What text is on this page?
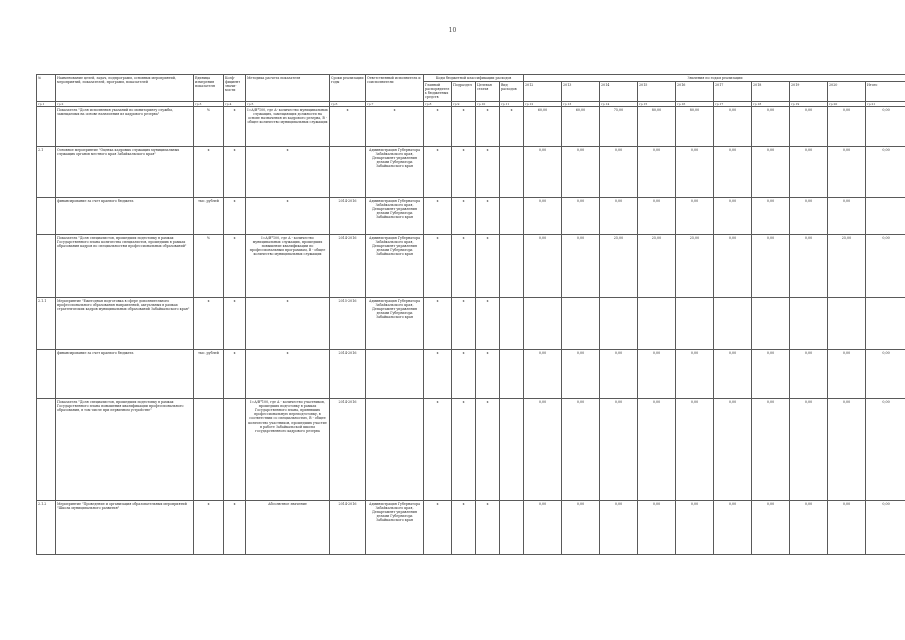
10
№	Наименование целей, задач, подпрограмм, основных мероприятий, мероприятий, показателей, программ, показателей	Единица измерения показателя	Коэф-фициент значи-мости	Методика расчета показателя	Сроки реализации годы	Ответственный исполнитель и соисполнители	Коды бюджетной классификации расходов				Значения по годам реализации									
							Главный распорядитель бюджетных средств	Подраздел	Целевая статья	Вид расходов	2012	2013	2014	2015	2016	2017	2018	2019	2020	Итого
гр.1	гр.2	гр.3	гр.4	гр.5	гр.6	гр.7	гр.8	гр.9	гр.10	гр.11	гр.12	гр.13	гр.14	гр.15	гр.16	гр.17	гр.18	гр.19	гр.20	гр.21
	Показатель "Доля исполнения указаний по мониторингу службы, замещаемых на основе назначения из кадрового резерва"	%	х	I=А/В*100, где А- количество муниципальных служащих, замещающих должности на основе назначения из кадрового резерва, В - общее количество муниципальных служащих	х	х	х	х	х	х	60,00	60,00	75,00	80,00	80,00	0,00	0,00	0,00	0,00	0,00
2.1	Основное мероприятие "Оценка кадровых служащих муниципальных служащих органов местного края Забайкальского края"	х	х	х		Администрация Губернатора Забайкальского края, Департамент управления делами Губернатора Забайкальского края	х	х	х		0,00	0,00	0,00	0,00	0,00	0,00	0,00	0,00	0,00	0,00
	финансирование за счет краевого бюджета	тыс. рублей	х	х	2014-2016	Администрация Губернатора Забайкальского края, Департамент управления делами Губернатора Забайкальского края	х	х	х		0,00	0,00	0,00	0,00	0,00	0,00	0,00	0,00	0,00	
	Показатель "Доля специалистов, прошедших подготовку в рамках Государственного плана количества специалистов, прошедших в рамках образования кадров по специальностям профессиональных образований"	%	х	I=А/В*100, где А - количество муниципальных служащих, прошедших повышение квалификации по профессиональным программам, В - общее количество муниципальных служащих	2014-2016	Администрация Губернатора Забайкальского края, Департамент управления делами Губернатора Забайкальского края	х	х	х		0,00	0,00	25,00	25,00	25,00	0,00	0,00	0,00	25,00	0,00
2.1.1	Мероприятие "Ежегодная подготовка в сфере дополнительного профессионального образования направлений, актуальных в рамках стратегических кадров муниципальных образований Забайкальского края"	х	х	х	2015-2016	Администрация Губернатора Забайкальского края, Департамент управления делами Губернатора Забайкальского края	х	х	х											
	финансирование за счет краевого бюджета	тыс. рублей	х	х	2014-2016		х	х	х		0,00	0,00	0,00	0,00	0,00	0,00	0,00	0,00	0,00	0,00
	Показатель "Доля специалистов, прошедших подготовку в рамках Государственного плана повышения квалификации профессионального образования, в том числе при первичном устройстве"			I=А/В*100, где А - количество участников, прошедших подготовку в рамках Государственного плана, принявших профессиональную переподготовку, в соответствии со специальностью, В - общее количество участников, прошедших участие в работе Забайкальской школы государственного кадрового резерва	2014-2016		х	х	х		0,00	0,00	0,00	0,00	0,00	0,00	0,00	0,00	0,00	0,00
2.1.2	Мероприятие "Проведение и организация образовательных мероприятий "Школа муниципального развития"	х	х	Абсолютное значение	2014-2016	Администрация Губернатора Забайкальского края, Департамент управления делами Губернатора Забайкальского края	х	х	х		0,00	0,00	0,00	0,00	0,00	0,00	0,00	0,00	0,00	0,00
